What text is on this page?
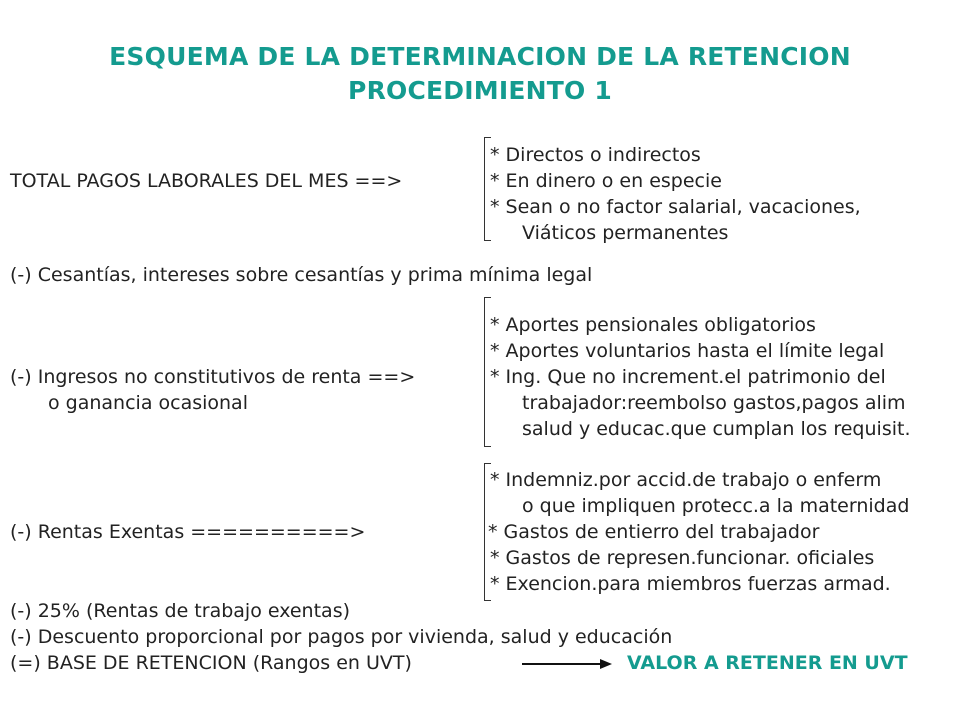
ESQUEMA DE LA DETERMINACION DE LA RETENCION
PROCEDIMIENTO 1
* Directos o indirectos
TOTAL PAGOS LABORALES DEL MES ==>	* En dinero o en especie
* Sean o no factor salarial, vacaciones,
Viáticos permanentes
(-) Cesantías, intereses sobre cesantías y prima mínima legal
* Aportes pensionales obligatorios
* Aportes voluntarios hasta el límite legal
(-) Ingresos no constitutivos de renta ==>	* Ing. Que no increment.el patrimonio del
o ganancia ocasional	trabajador:reembolso gastos,pagos alim
salud y educac.que cumplan los requisit.
* Indemniz.por accid.de trabajo o enferm
o que impliquen protecc.a la maternidad
(-) Rentas Exentas ==========>	* Gastos de entierro del trabajador
* Gastos de represen.funcionar. oficiales
* Exencion.para miembros fuerzas armad.
(-) 25% (Rentas de trabajo exentas)
(-) Descuento proporcional por pagos por vivienda, salud y educación
(=) BASE DE RETENCION (Rangos en UVT)	VALOR A RETENER EN UVT
